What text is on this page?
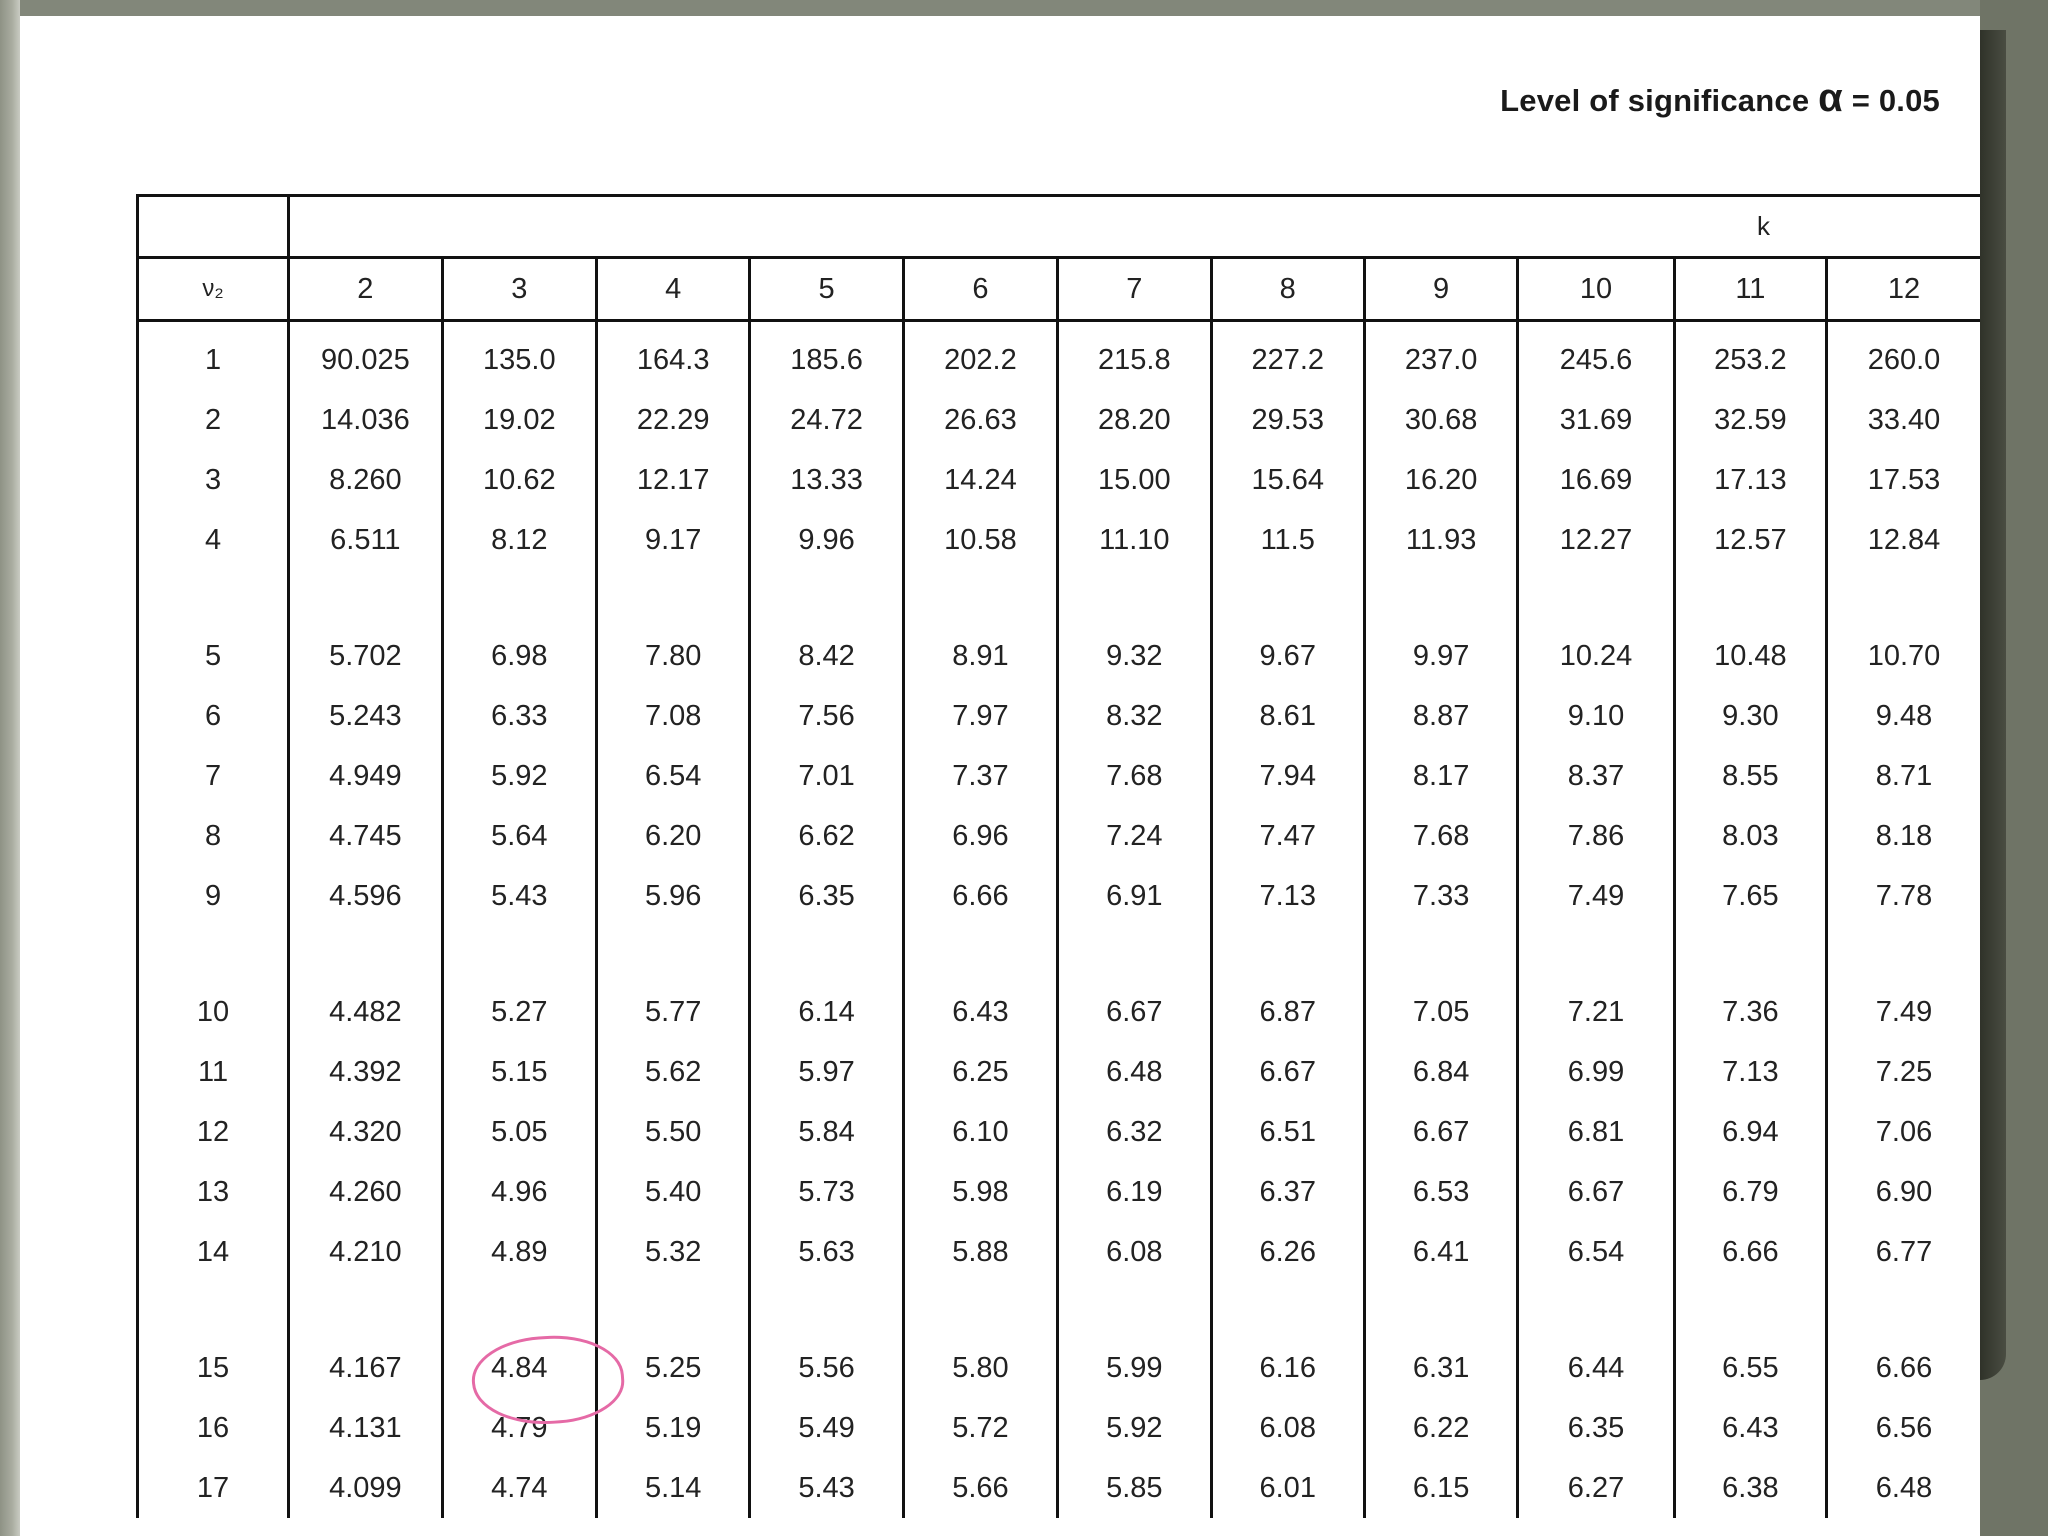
Level of significance α = 0.05
	k										
ν₂	2	3	4	5	6	7	8	9	10	11	12
1	90.025	135.0	164.3	185.6	202.2	215.8	227.2	237.0	245.6	253.2	260.0
2	14.036	19.02	22.29	24.72	26.63	28.20	29.53	30.68	31.69	32.59	33.40
3	8.260	10.62	12.17	13.33	14.24	15.00	15.64	16.20	16.69	17.13	17.53
4	6.511	8.12	9.17	9.96	10.58	11.10	11.5	11.93	12.27	12.57	12.84
5	5.702	6.98	7.80	8.42	8.91	9.32	9.67	9.97	10.24	10.48	10.70
6	5.243	6.33	7.08	7.56	7.97	8.32	8.61	8.87	9.10	9.30	9.48
7	4.949	5.92	6.54	7.01	7.37	7.68	7.94	8.17	8.37	8.55	8.71
8	4.745	5.64	6.20	6.62	6.96	7.24	7.47	7.68	7.86	8.03	8.18
9	4.596	5.43	5.96	6.35	6.66	6.91	7.13	7.33	7.49	7.65	7.78
10	4.482	5.27	5.77	6.14	6.43	6.67	6.87	7.05	7.21	7.36	7.49
11	4.392	5.15	5.62	5.97	6.25	6.48	6.67	6.84	6.99	7.13	7.25
12	4.320	5.05	5.50	5.84	6.10	6.32	6.51	6.67	6.81	6.94	7.06
13	4.260	4.96	5.40	5.73	5.98	6.19	6.37	6.53	6.67	6.79	6.90
14	4.210	4.89	5.32	5.63	5.88	6.08	6.26	6.41	6.54	6.66	6.77
15	4.167	4.84	5.25	5.56	5.80	5.99	6.16	6.31	6.44	6.55	6.66
16	4.131	4.79	5.19	5.49	5.72	5.92	6.08	6.22	6.35	6.43	6.56
17	4.099	4.74	5.14	5.43	5.66	5.85	6.01	6.15	6.27	6.38	6.48
